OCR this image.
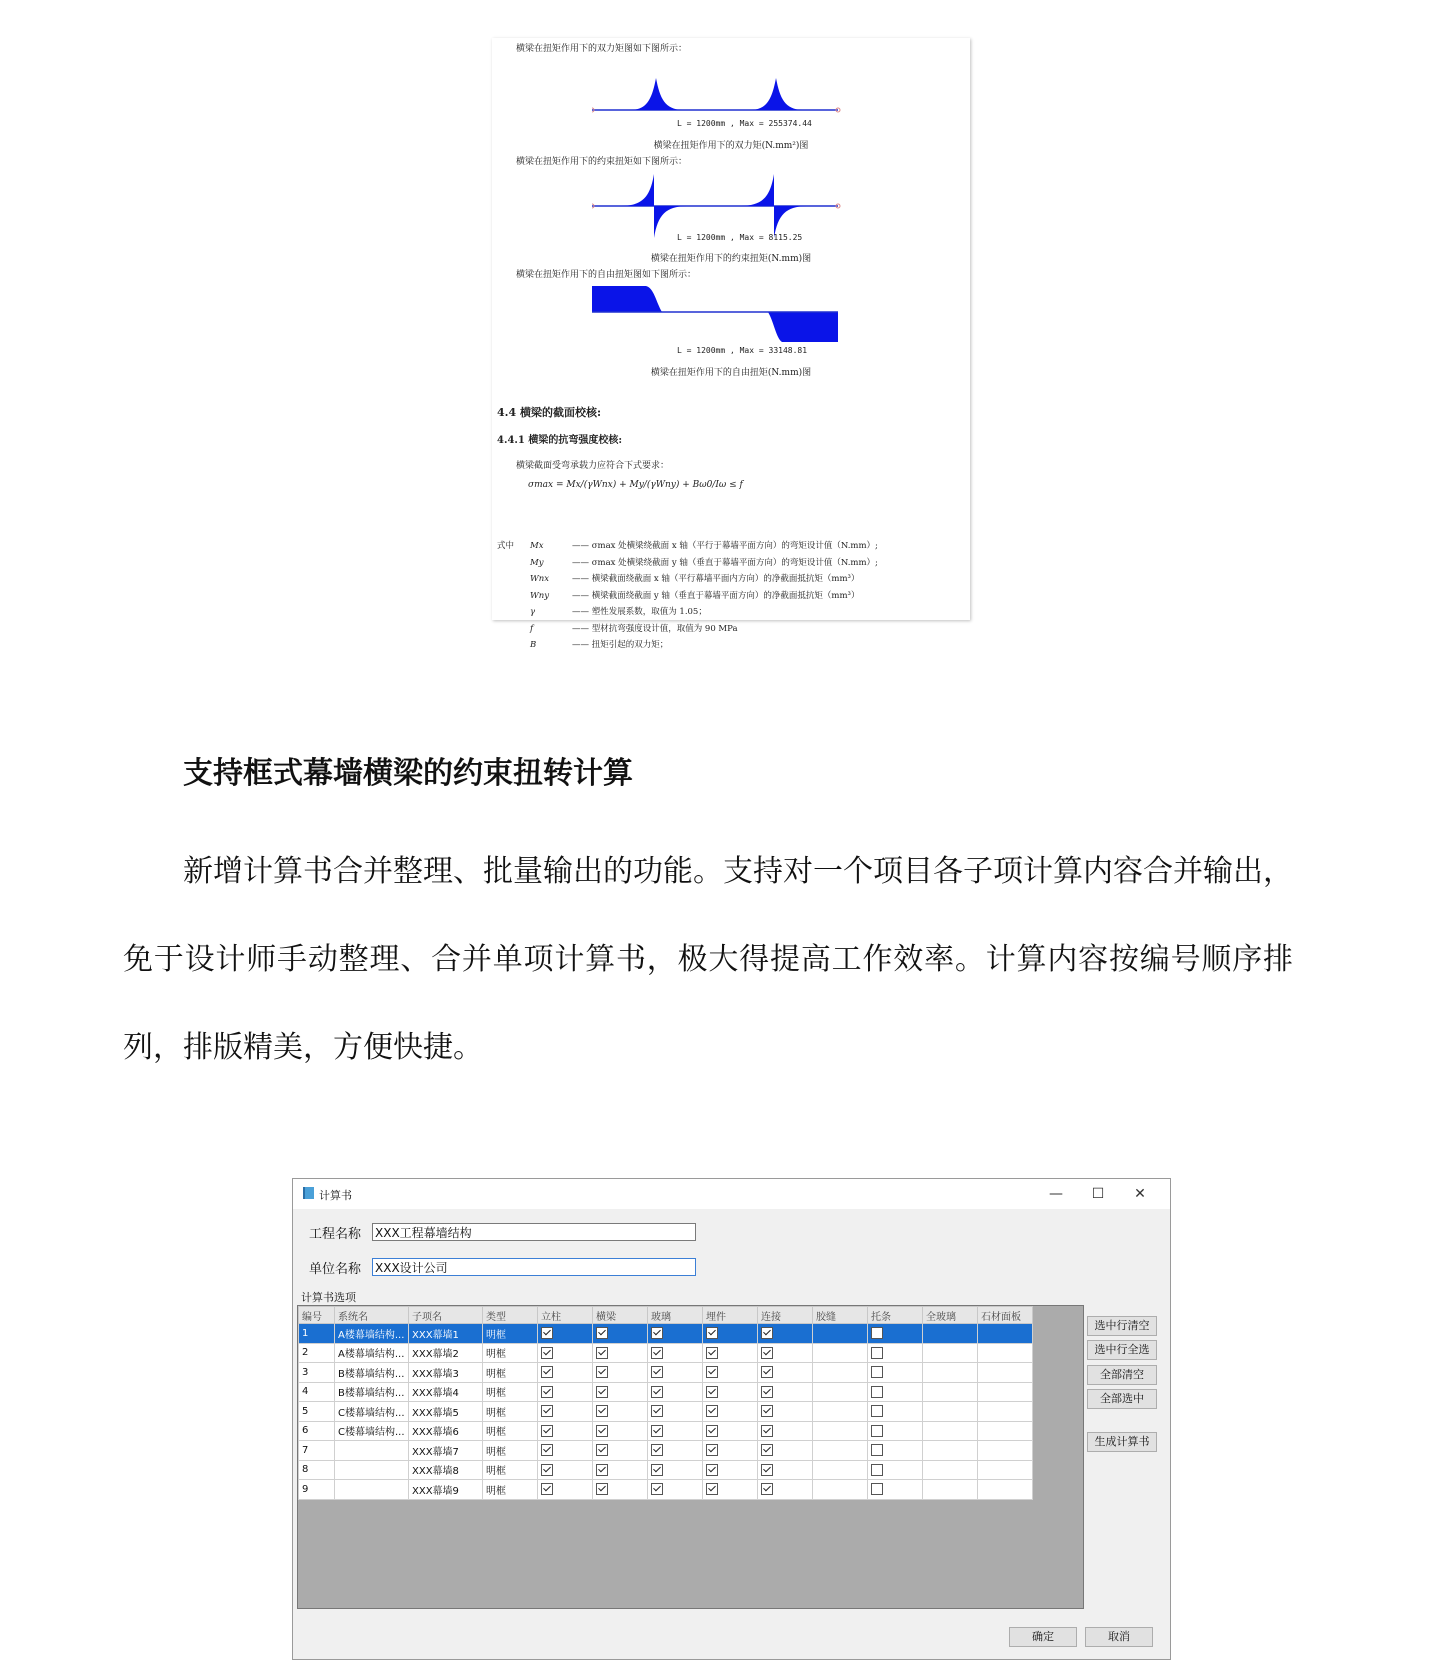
横梁在扭矩作用下的双力矩图如下图所示：
L = 1200mm , Max = 255374.44
横梁在扭矩作用下的双力矩(N.mm²)图
横梁在扭矩作用下的约束扭矩如下图所示：
L = 1200mm , Max = 8115.25
横梁在扭矩作用下的约束扭矩(N.mm)图
横梁在扭矩作用下的自由扭矩图如下图所示：
L = 1200mm , Max = 33148.81
横梁在扭矩作用下的自由扭矩(N.mm)图
4.4 横梁的截面校核:
4.4.1 横梁的抗弯强度校核:
横梁截面受弯承载力应符合下式要求：
σmax = Mx/(γWnx) + My/(γWny) + Bω0/Iω ≤ f
式中	Mx	—— σmax 处横梁绕截面 x 轴（平行于幕墙平面方向）的弯矩设计值（N.mm）;
My	—— σmax 处横梁绕截面 y 轴（垂直于幕墙平面方向）的弯矩设计值（N.mm）;
Wnx	—— 横梁截面绕截面 x 轴（平行幕墙平面内方向）的净截面抵抗矩（mm³）
Wny	—— 横梁截面绕截面 y 轴（垂直于幕墙平面方向）的净截面抵抗矩（mm³）
γ	—— 塑性发展系数，取值为 1.05；
f	—— 型材抗弯强度设计值，取值为 90 MPa
B	—— 扭矩引起的双力矩；
支持框式幕墙横梁的约束扭转计算

新增计算书合并整理、批量输出的功能。支持对一个项目各子项计算内容合并输出，免于设计师手动整理、合并单项计算书，极大得提高工作效率。计算内容按编号顺序排列，排版精美，方便快捷。

计算书	—	☐	✕
工程名称 XXX工程幕墙结构
单位名称 XXX设计公司
计算书选项
编号	系统名	子项名	类型	立柱	横梁	玻璃	埋件	连接	胶缝	托条	全玻璃	石材面板
1	A楼幕墙结构...	XXX幕墙1	明框									
2	A楼幕墙结构...	XXX幕墙2	明框									
3	B楼幕墙结构...	XXX幕墙3	明框									
4	B楼幕墙结构...	XXX幕墙4	明框									
5	C楼幕墙结构...	XXX幕墙5	明框									
6	C楼幕墙结构...	XXX幕墙6	明框									
7		XXX幕墙7	明框									
8		XXX幕墙8	明框									
9		XXX幕墙9	明框									
选中行清空
选中行全选
全部清空
全部选中
生成计算书
确定	取消
